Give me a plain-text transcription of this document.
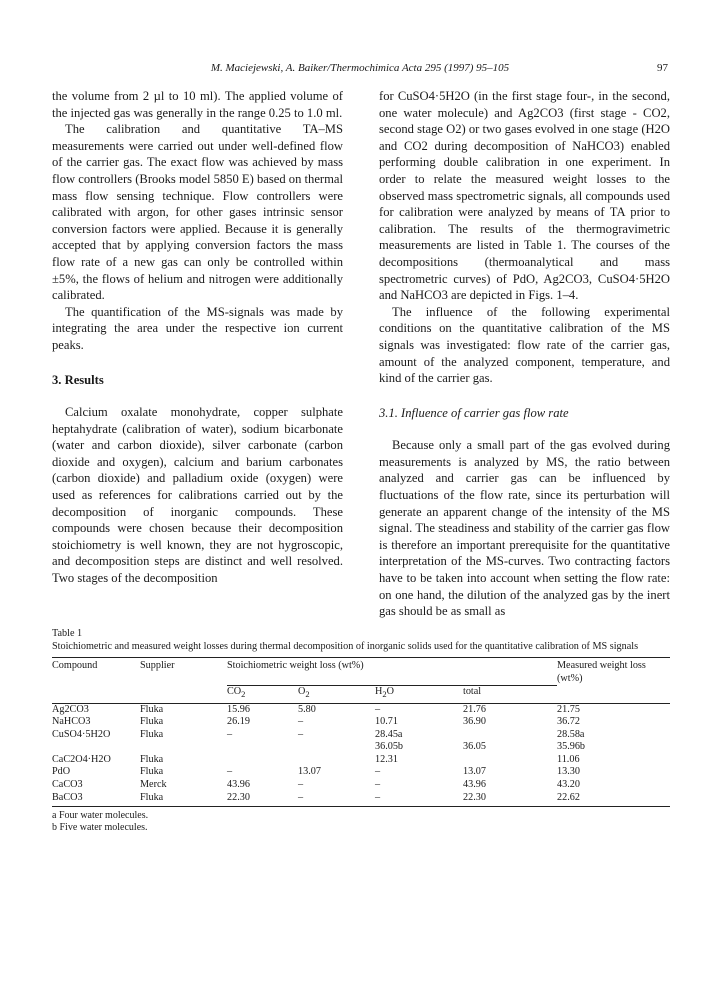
M. Maciejewski, A. Baiker/Thermochimica Acta 295 (1997) 95–105	97

the volume from 2 µl to 10 ml). The applied volume of the injected gas was generally in the range 0.25 to 1.0 ml.

The calibration and quantitative TA–MS measurements were carried out under well-defined flow of the carrier gas. The exact flow was achieved by mass flow controllers (Brooks model 5850 E) based on thermal mass flow sensing technique. Flow controllers were calibrated with argon, for other gases intrinsic sensor conversion factors were applied. Because it is generally accepted that by applying conversion factors the mass flow rate of a new gas can only be controlled within ±5%, the flows of helium and nitrogen were additionally calibrated.

The quantification of the MS-signals was made by integrating the area under the respective ion current peaks.

3. Results

Calcium oxalate monohydrate, copper sulphate heptahydrate (calibration of water), sodium bicarbonate (water and carbon dioxide), silver carbonate (carbon dioxide and oxygen), calcium and barium carbonates (carbon dioxide) and palladium oxide (oxygen) were used as references for calibrations carried out by the decomposition of inorganic compounds. These compounds were chosen because their decomposition stoichiometry is well known, they are not hygroscopic, and decomposition steps are distinct and well resolved. Two stages of the decomposition

for CuSO4·5H2O (in the first stage four-, in the second, one water molecule) and Ag2CO3 (first stage - CO2, second stage O2) or two gases evolved in one stage (H2O and CO2 during decomposition of NaHCO3) enabled performing double calibration in one experiment. In order to relate the measured weight losses to the observed mass spectrometric signals, all compounds used for calibration were analyzed by means of TA prior to calibration. The results of the thermogravimetric measurements are listed in Table 1. The courses of the decompositions (thermoanalytical and mass spectrometric curves) of PdO, Ag2CO3, CuSO4·5H2O and NaHCO3 are depicted in Figs. 1–4.

The influence of the following experimental conditions on the quantitative calibration of the MS signals was investigated: flow rate of the carrier gas, amount of the analyzed component, temperature, and kind of the carrier gas.

3.1. Influence of carrier gas flow rate

Because only a small part of the gas evolved during measurements is analyzed by MS, the ratio between analyzed and carrier gas can be influenced by fluctuations of the flow rate, since its perturbation will generate an apparent change of the intensity of the MS signal. The steadiness and stability of the carrier gas flow is therefore an important prerequisite for the quantitative interpretation of the MS-curves. Two contracting factors have to be taken into account when setting the flow rate: on one hand, the dilution of the analyzed gas by the inert gas should be as small as

Table 1

Stoichiometric and measured weight losses during thermal decomposition of inorganic solids used for the quantitative calibration of MS signals

Compound	Supplier	Stoichiometric weight loss (wt%)				Measured weight loss (wt%)
		$CO_2$	$O_2$	$H_2O$	total	
Ag2CO3	Fluka	15.96	5.80	–	21.76	21.75
NaHCO3	Fluka	26.19	–	10.71	36.90	36.72
CuSO4·5H2O	Fluka	–	–	28.45a		28.58a
				36.05b	36.05	35.96b
CaC2O4·H2O	Fluka			12.31		11.06
PdO	Fluka	–	13.07	–	13.07	13.30
CaCO3	Merck	43.96	–	–	43.96	43.20
BaCO3	Fluka	22.30	–	–	22.30	22.62
a Four water molecules.
b Five water molecules.
